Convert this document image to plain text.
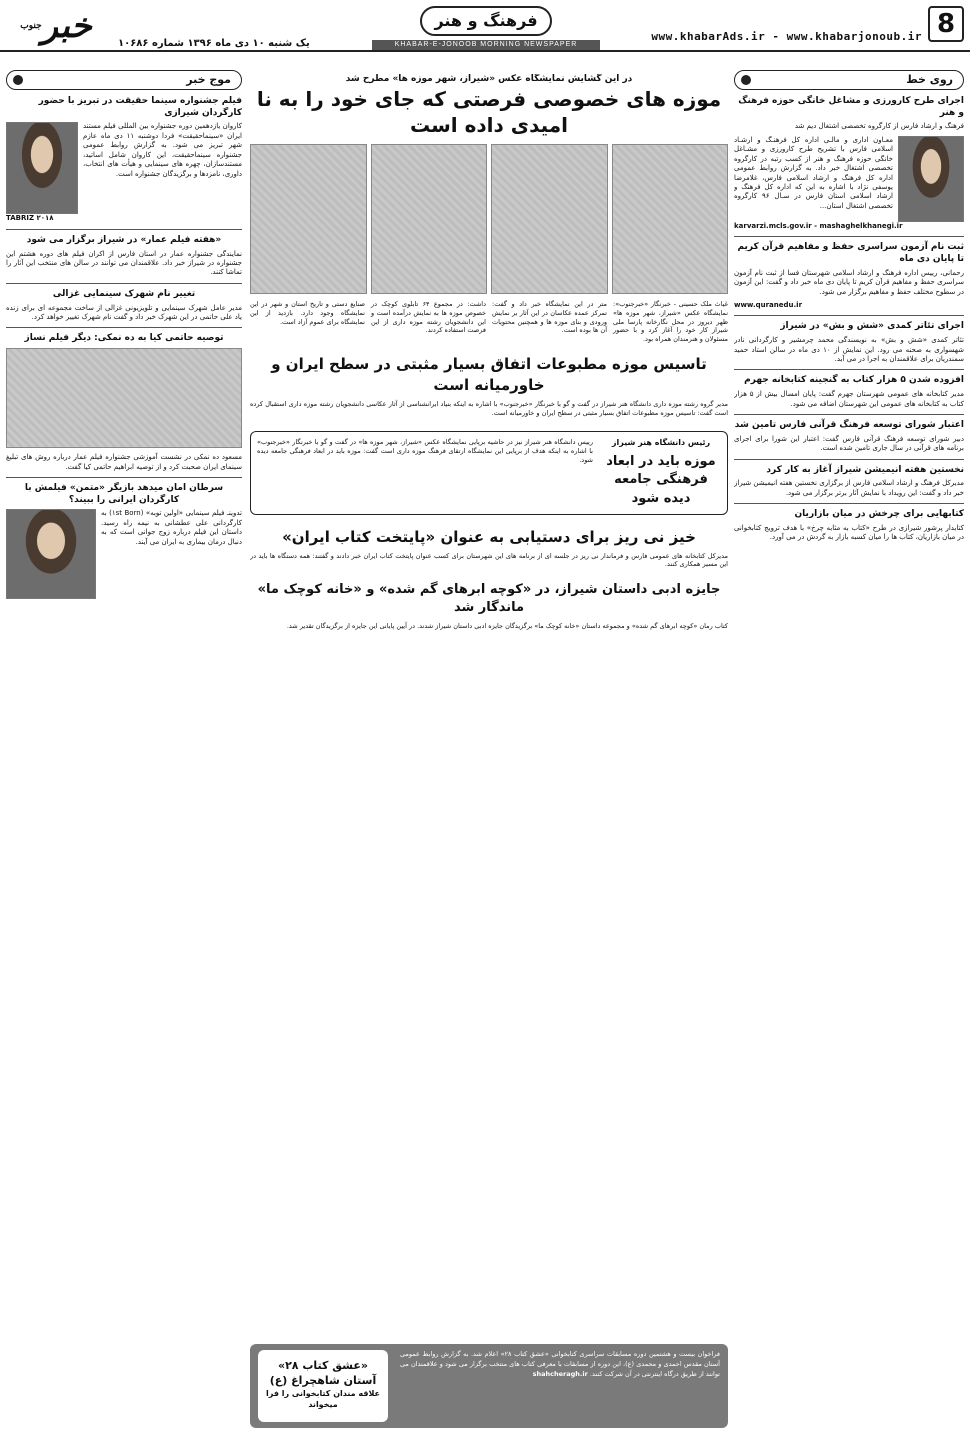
8
www.khabarAds.ir - www.khabarjonoub.ir
فرهنگ و هنر
KHABAR-E-JONOOB MORNING NEWSPAPER
یک شنبه ۱۰ دی ماه ۱۳۹۶ شماره ۱۰۶۸۶
خبر$^{جنوب}$
روی خط
اجرای طرح کارورزی و مشاغل خانگی حوزه فرهنگ و هنر
فرهنگ و ارشاد فارس از کارگروه تخصصی اشتغال دیم شد

معـاون اداری و مالـی اداره کل فرهنـگ و ارشـاد اسلامی فارس با تشریح طرح کارورزی و مشـاغل خانگی حوزه فرهنگ و هنر از کسب رتبه در کارگروه تخصصی اشتغال خبر داد. به گزارش روابط عمومی اداره کل فرهنگ و ارشاد اسلامی فارس، غلامرضا یوسفی نژاد با اشاره به این که اداره کل فرهنگ و ارشاد اسلامی استان فارس در سـال ۹۶ کارگروه تخصصی اشتغال استان...

karvarzi.mcls.gov.ir - mashaghelkhanegi.ir

ثبت نام آزمون سراسری حفظ و مفاهیم قرآن کریم تا پایان دی ماه

رحمانی، رییس اداره فرهنگ و ارشاد اسلامی شهرستان فسا از ثبت نام آزمون سراسری حفظ و مفاهیم قرآن کریم تا پایان دی ماه خبر داد و گفت: این آزمون در سطوح مختلف حفظ و مفاهیم برگزار می شود.

www.quranedu.ir

اجرای تئاتر کمدی «شش و بش» در شیراز

تئاتر کمدی «شش و بش» به نویسندگی محمد چرمشیر و کارگردانی نادر شهسواری به صحنه می رود. این نمایش از ۱۰ دی ماه در سالن استاد حمید سمندریان برای علاقمندان به اجرا در می آید.

افزوده شدن ۵ هزار کتاب به گنجینه کتابخانه جهرم

مدیر کتابخانه های عمومی شهرستان جهرم گفت: پایان امسال بیش از ۵ هزار کتاب به کتابخانه های عمومی این شهرستان اضافه می شود.

اعتبار شورای توسعه فرهنگ قرآنی فارس تامین شد

دبیر شورای توسعه فرهنگ قرآنی فارس گفت: اعتبار این شورا برای اجرای برنامه های قرآنی در سال جاری تامین شده است.

نخستین هفته انیمیشن شیراز آغاز به کار کرد

مدیرکل فرهنگ و ارشاد اسلامی فارس از برگزاری نخستین هفته انیمیشن شیراز خبر داد و گفت: این رویداد با نمایش آثار برتر برگزار می شود.

کتابهایی برای چرخش در میان بازاریان

کتابدار پرشور شیرازی در طرح «کتاب به مثابه چرخ» با هدف ترویج کتابخوانی در میان بازاریان، کتاب ها را میان کسبه بازار به گردش در می آورد.

موج خبر
فیلم جشنواره سینما حقیقت در تبریز با حضور کارگردان شیرازی

کاروان یازدهمین دوره جشنواره بین المللی فیلم مستند ایران «سینماحقیقت» فردا دوشنبه ۱۱ دی ماه عازم شهر تبریز می شود. به گزارش روابط عمومی جشنواره سینماحقیقت، این کاروان شامل اساتید، مستندسازان، چهره های سینمایی و هیأت های انتخاب، داوری، نامزدها و برگزیدگان جشنواره است.

TABRIZ ۲۰۱۸

«هفته فیلم عمار» در شیراز برگزار می شود

نمایندگی جشنواره عمار در استان فارس از اکران فیلم های دوره هشتم این جشنواره در شیراز خبر داد. علاقمندان می توانند در سالن های منتخب این آثار را تماشا کنند.

تغییر نام شهرک سینمایی غزالی

مدیر عامل شهرک سینمایی و تلویزیونی غزالی از ساخت مجموعه ای برای زنده یاد علی حاتمی در این شهرک خبر داد و گفت نام شهرک تغییر خواهد کرد.

توصیه حاتمی کیا به ده نمکی: دیگر فیلم نساز

مسعود ده نمکی در نشست آموزشی جشنواره فیلم عمار درباره روش های تبلیغ سینمای ایران صحبت کرد و از توصیه ابراهیم حاتمی کیا گفت.

سرطان امان میدهد بازیگر «متمن» فیلمش با کارگردان ایرانی را ببیند؟

تدوینـ فیلم سینمایی «اولین توبه» (۱st Born) به کارگردانی علی عطشانی به نیمه راه رسید. داستان این فیلم درباره زوج جوانی است که به دنبال درمان بیماری به ایران می آیند.

در این گشایش نمایشگاه عکس «شیراز، شهر موزه ها» مطرح شد
موزه های خصوصی فرصتی که جای خود را به نا امیدی داده است
غیاث ملک حسینی - خبرنگار «خبرجنوب»: نمایشگاه عکس «شیراز، شهر موزه ها» ظهر دیروز در محل نگارخانه پارسا ملی شیراز کار خود را آغاز کرد و با حضور مسئولان و هنرمندان همراه بود.
متر در این نمایشگاه خبر داد و گفت: تمرکز عمده عکاسان در این آثار بر نمایش ورودی و بنای موزه ها و همچنین محتویات آن ها بوده است.
داشت: در مجموع ۶۴ تابلوی کوچک در خصوص موزه ها به نمایش درآمده است و این دانشجویان رشته موزه داری از این فرصت استفاده کردند.
صنایع دستی و تاریخ استان و شهر در این نمایشگاه وجود دارد. بازدید از این نمایشگاه برای عموم آزاد است.
تاسیس موزه مطبوعات اتفاق بسیار مثبتی در سطح ایران و خاورمیانه است

مدیر گروه رشته موزه داری دانشگاه هنر شیراز در گفت و گو با خبرنگار «خبرجنوب» با اشاره به اینکه بنیاد ایرانشناسی از آثار عکاسی دانشجویان رشته موزه داری استقبال کرده است گفت: تاسیس موزه مطبوعات اتفاق بسیار مثبتی در سطح ایران و خاورمیانه است.

رئیس دانشگاه هنر شیراز
موزه باید در ابعاد فرهنگی جامعه دیده شود

رییس دانشگاه هنر شیراز نیز در حاشیه برپایی نمایشگاه عکس «شیراز، شهر موزه ها» در گفت و گو با خبرنگار «خبرجنوب» با اشاره به اینکه هدف از برپایی این نمایشگاه ارتقای فرهنگ موزه داری است گفت: موزه باید در ابعاد فرهنگی جامعه دیده شود.

خیز نی ریز برای دستیابی به عنوان «پایتخت کتاب ایران»

مدیرکل کتابخانه های عمومی فارس و فرماندار نی ریز در جلسه ای از برنامه های این شهرستان برای کسب عنوان پایتخت کتاب ایران خبر دادند و گفتند: همه دستگاه ها باید در این مسیر همکاری کنند.

جایزه ادبی داستان شیراز، در «کوچه ابرهای گم شده» و «خانه کوچک ما» ماندگار شد

کتاب رمان «کوچه ابرهای گم شده» و مجموعه داستان «خانه کوچک ما» برگزیدگان جایزه ادبی داستان شیراز شدند. در آیین پایانی این جایزه از برگزیدگان تقدیر شد.

«عشق کتاب ۲۸»
آستان شاهچراغ (ع)
علاقه مندان کتابخوانی را فرا میخواند
فراخوان بیست و هشتمین دوره مسابقات سراسری کتابخوانی «عشق کتاب ۲۸» اعلام شد. به گزارش روابط عمومی آستان مقدس احمدی و محمدی (ع)، این دوره از مسابقات با معرفی کتاب های منتخب برگزار می شود و علاقمندان می توانند از طریق درگاه اینترنتی در آن شرکت کنند. shahcheragh.ir
